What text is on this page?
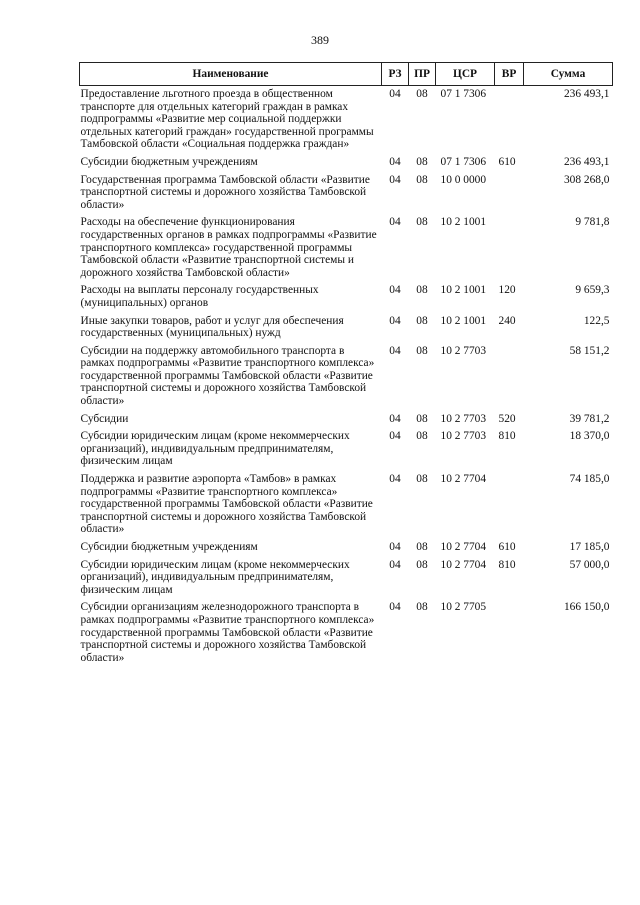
389
Наименование	РЗ	ПР	ЦСР	ВР	Сумма
Предоставление льготного проезда в общественном транспорте для отдельных категорий граждан в рамках подпрограммы «Развитие мер социальной поддержки отдельных категорий граждан» государственной программы Тамбовской области «Социальная поддержка граждан»	04	08	07 1 7306		236 493,1
Субсидии бюджетным учреждениям	04	08	07 1 7306	610	236 493,1
Государственная программа Тамбовской области «Развитие транспортной системы и дорожного хозяйства Тамбовской области»	04	08	10 0 0000		308 268,0
Расходы на обеспечение функционирования государственных органов в рамках подпрограммы «Развитие транспортного комплекса» государственной программы Тамбовской области «Развитие транспортной системы и дорожного хозяйства Тамбовской области»	04	08	10 2 1001		9 781,8
Расходы на выплаты персоналу государственных (муниципальных) органов	04	08	10 2 1001	120	9 659,3
Иные закупки товаров, работ и услуг для обеспечения государственных (муниципальных) нужд	04	08	10 2 1001	240	122,5
Субсидии на поддержку автомобильного транспорта в рамках подпрограммы «Развитие транспортного комплекса» государственной программы Тамбовской области «Развитие транспортной системы и дорожного хозяйства Тамбовской области»	04	08	10 2 7703		58 151,2
Субсидии	04	08	10 2 7703	520	39 781,2
Субсидии юридическим лицам (кроме некоммерческих организаций), индивидуальным предпринимателям, физическим лицам	04	08	10 2 7703	810	18 370,0
Поддержка и развитие аэропорта «Тамбов» в рамках подпрограммы «Развитие транспортного комплекса» государственной программы Тамбовской области «Развитие транспортной системы и дорожного хозяйства Тамбовской области»	04	08	10 2 7704		74 185,0
Субсидии бюджетным учреждениям	04	08	10 2 7704	610	17 185,0
Субсидии юридическим лицам (кроме некоммерческих организаций), индивидуальным предпринимателям, физическим лицам	04	08	10 2 7704	810	57 000,0
Субсидии организациям железнодорожного транспорта в рамках подпрограммы «Развитие транспортного комплекса» государственной программы Тамбовской области «Развитие транспортной системы и дорожного хозяйства Тамбовской области»	04	08	10 2 7705		166 150,0
